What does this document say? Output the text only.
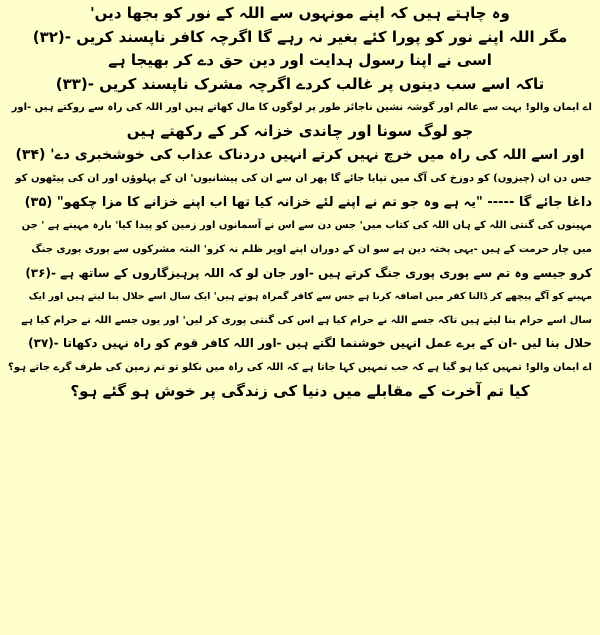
وہ چاہتے ہیں کہ اپنے مونہوں سے اللہ کے نور کو بجھا دیں'

مگر اللہ اپنے نور کو پورا کئے بغیر نہ رہے گا اگرچہ کافر ناپسند کریں -(۳۲)

اسی نے اپنا رسول ہدایت اور دین حق دے کر بھیجا ہے

تاکہ اسے سب دینوں پر غالب کردے اگرچہ مشرک ناپسند کریں -(۳۳)

اے ایمان والو! بہت سے عالم اور گوشہ نشین ناجائز طور پر لوگوں کا مال کھاتے ہیں اور اللہ کی راہ سے روکتے ہیں -اور

جو لوگ سونا اور چاندی خزانہ کر کے رکھتے ہیں

اور اسے اللہ کی راہ میں خرچ نہیں کرتے انہیں دردناک عذاب کی خوشخبری دے' (۳۴)

جس دن ان (چیزوں) کو دوزخ کی آگ میں تپایا جائے گا پھر ان سے ان کی پیشانیوں' ان کے پہلوؤں اور ان کی پیٹھوں کو

داغا جائے گا ----- "یہ ہے وہ جو تم نے اپنے لئے خزانہ کیا تھا اب اپنے خزانے کا مزا چکھو" (۳۵)

مہینوں کی گنتی اللہ کے ہاں اللہ کی کتاب میں' جس دن سے اس نے آسمانوں اور زمین کو پیدا کیا' بارہ مہینے ہے ' جن

میں چار حرمت کے ہیں -یہی پختہ دین ہے سو ان کے دوران اپنے اوپر ظلم نہ کرو' البتہ مشرکوں سے پوری پوری جنگ

کرو جیسے وہ تم سے پوری پوری جنگ کرتے ہیں -اور جان لو کہ اللہ پرہیزگاروں کے ساتھ ہے -(۳۶)

مہینے کو آگے پیچھے کر ڈالنا کفر میں اضافہ کرنا ہے جس سے کافر گمراہ ہوتے ہیں' ایک سال اسے حلال بنا لیتے ہیں اور ایک

سال اسے حرام بنا لیتے ہیں تاکہ جسے اللہ نے حرام کیا ہے اس کی گنتی پوری کر لیں' اور یوں جسے اللہ نے حرام کیا ہے

حلال بنا لیں -ان کے برے عمل انہیں خوشنما لگتے ہیں -اور اللہ کافر قوم کو راہ نہیں دکھاتا -(۳۷)

اے ایمان والو! تمہیں کیا ہو گیا ہے کہ جب تمہیں کہا جاتا ہے کہ اللہ کی راہ میں نکلو تو تم زمین کی طرف گرے جاتے ہو؟

کیا تم آخرت کے مقابلے میں دنیا کی زندگی پر خوش ہو گئے ہو؟
